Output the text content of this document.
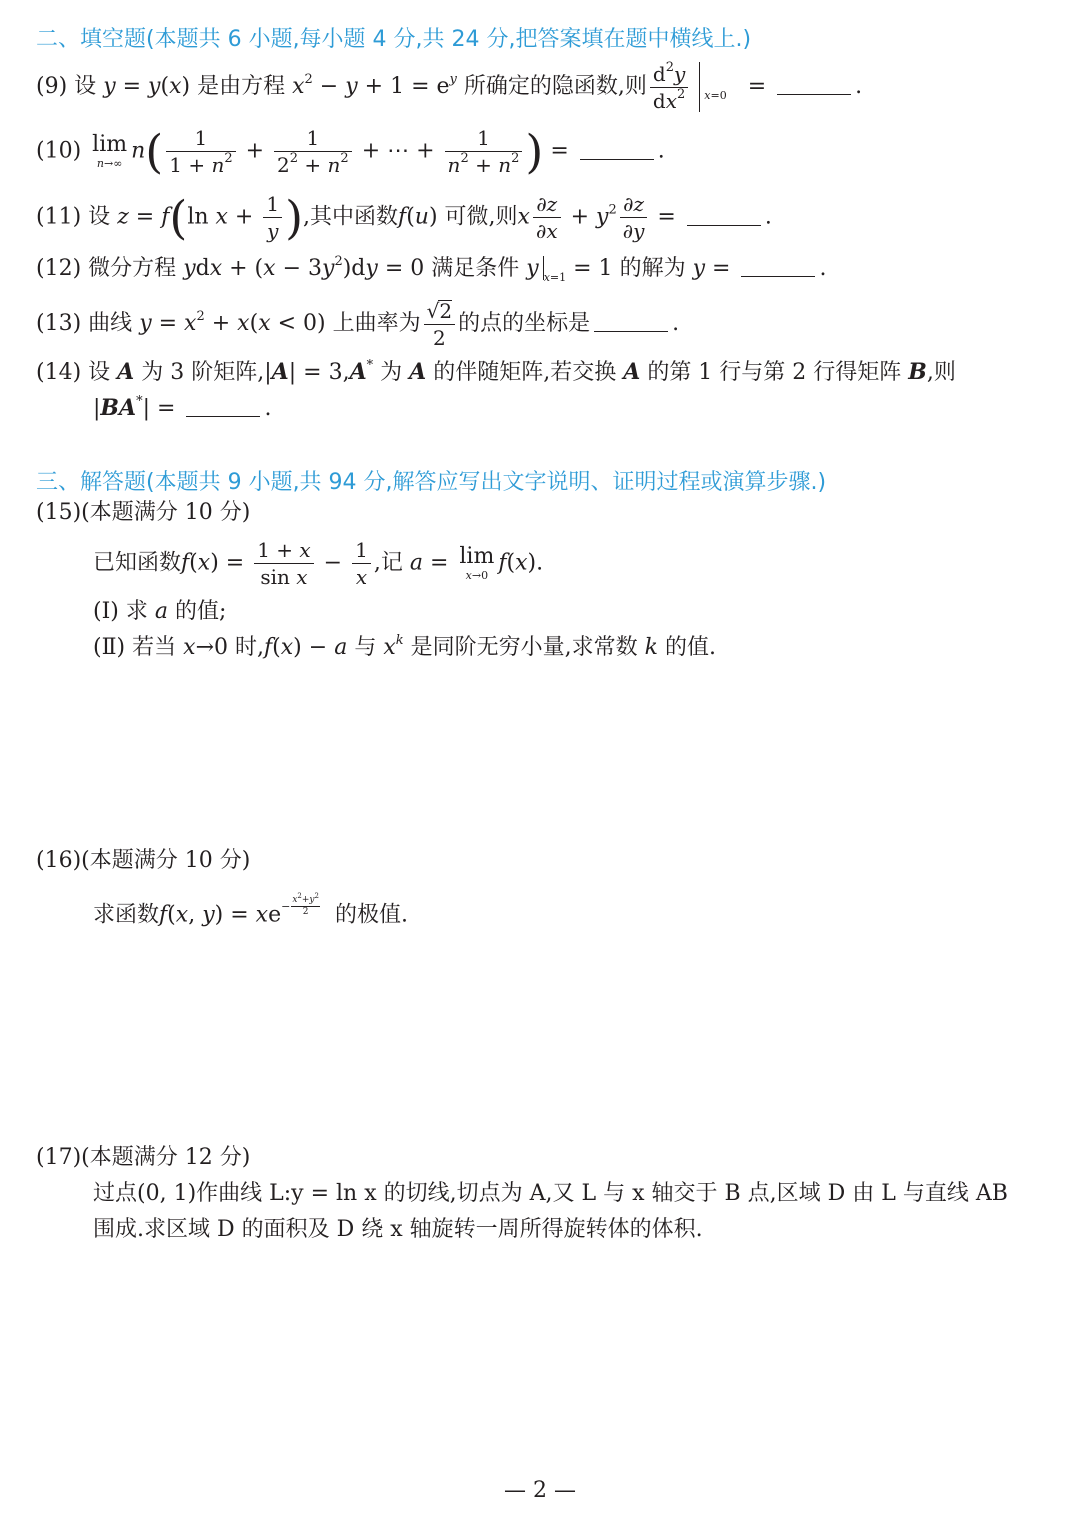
二、填空题(本题共 6 小题,每小题 4 分,共 24 分,把答案填在题中横线上.)
(9) 设 y = y(x) 是由方程 $x^2 - y + 1 = e^y$ 所确定的隐函数,则 $\frac{d^2y}{dx^2} _{x=0}$   =	.
(10) lim
n→∞ $n( \frac{1}{1 + n^2} + \frac{1}{2^2 + n^2}$ + ⋯ + $\frac{1}{n^2 + n^2}$ ) =	.
(11) 设 z = f(ln $x + \frac{1}{y}$ ),其中函数f(u) 可微,则x $\frac{\partial z}{\partial x} + y^2 \frac{\partial z}{\partial y}$ =	.
(12) 微分方程 ydx + $(x - 3y^2)dy = 0$ 满足条件 y $_{x=1}$ = 1 的解为 y =	.
(13) 曲线 $y = x^2 + x(x < 0)$ 上曲率为 $\frac{√2}{2}$ 的点的坐标是	.
(14) 设 A 为 3 阶矩阵,|A| = 3,A* 为 A 的伴随矩阵,若交换 A 的第 1 行与第 2 行得矩阵 B,则
|BA*| =	.
三、解答题(本题共 9 小题,共 94 分,解答应写出文字说明、证明过程或演算步骤.)
(15)(本题满分 10 分)
已知函数$f(x) = \frac{1 + x}{\text{sin x}} - \frac{1}{x}$ ,记 a = lim
x→0 f(x).
(Ⅰ) 求 a 的值;
(Ⅱ) 若当 x→0 时,f(x) − a 与 $x^k$ 是同阶无穷小量,求常数 k 的值.
(16)(本题满分 10 分)
求函数f(x, $y) = xe^{- \frac{x^2+y^2}{2}}$ 的极值.
(17)(本题满分 12 分)
过点(0, 1)作曲线 L:y = ln x 的切线,切点为 A,又 L 与 x 轴交于 B 点,区域 D 由 L 与直线 AB
围成.求区域 D 的面积及 D 绕 x 轴旋转一周所得旋转体的体积.
— 2 —
